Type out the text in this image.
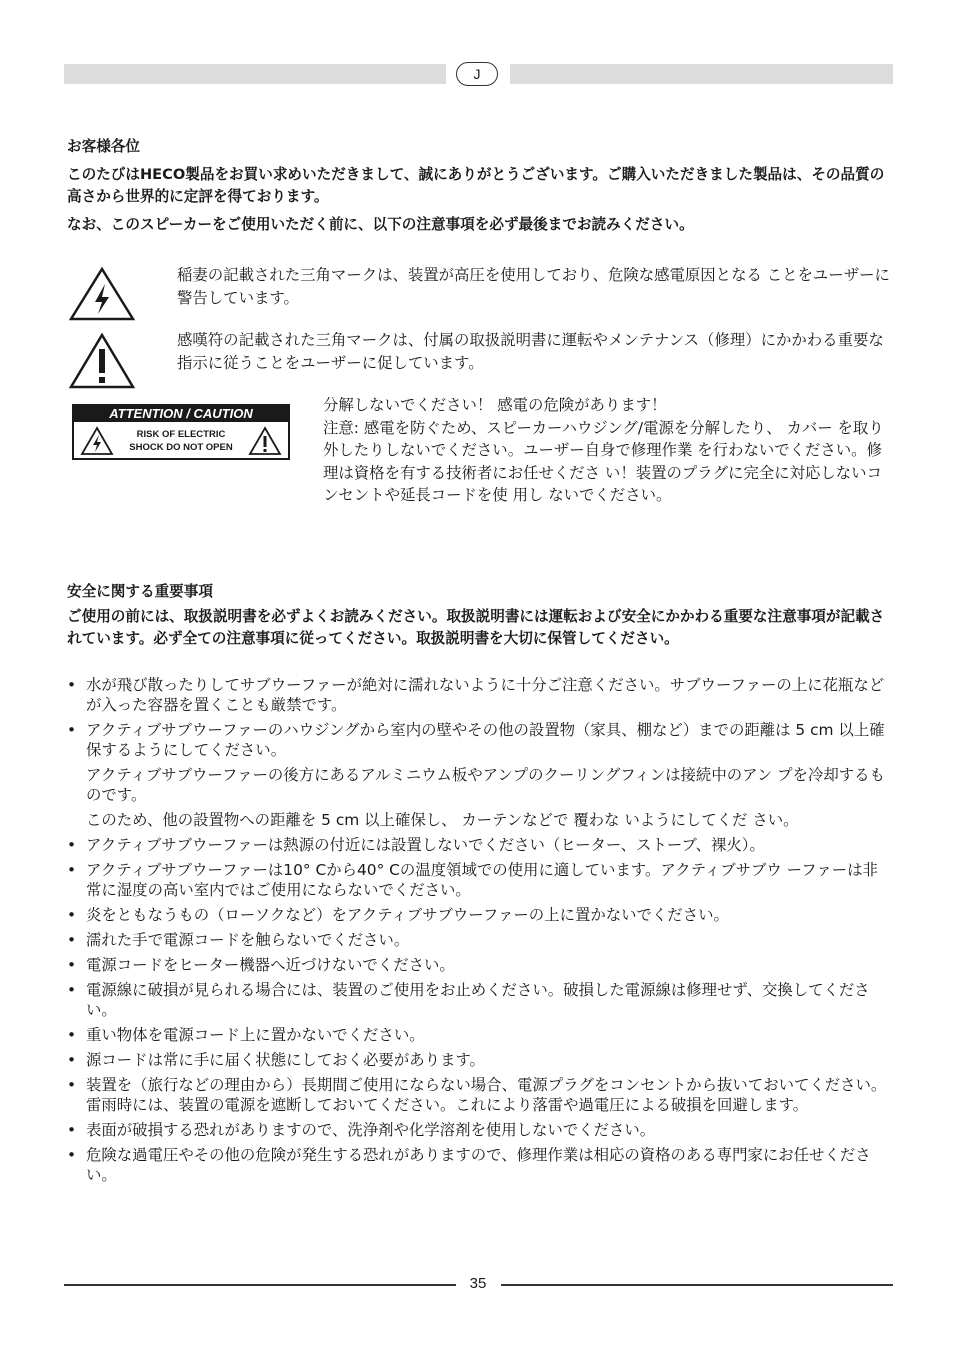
J

お客様各位

このたびはHECO製品をお買い求めいただきまして、誠にありがとうございます。ご購入いただきました製品は、その品質の高さから世界的に定評を得ております。

なお、このスピーカーをご使用いただく前に、以下の注意事項を必ず最後までお読みください。

稲妻の記載された三角マークは、装置が高圧を使用しており、危険な感電原因となる ことをユーザーに警告しています。

感嘆符の記載された三角マークは、付属の取扱説明書に運転やメンテナンス（修理）にかかわる重要な指示に従うことをユーザーに促しています。

ATTENTION / CAUTION
RISK OF ELECTRIC
SHOCK DO NOT OPEN
分解しないでください！ 感電の危険があります！
注意: 感電を防ぐため、スピーカーハウジング/電源を分解したり、 カバー を取り外したりしないでください。ユーザー自身で修理作業 を行わないでください。修理は資格を有する技術者にお任せくださ い！装置のプラグに完全に対応しないコンセントや延長コードを使 用し ないでください。

安全に関する重要事項

ご使用の前には、取扱説明書を必ずよくお読みください。取扱説明書には運転および安全にかかわる重要な注意事項が記載されています。必ず全ての注意事項に従ってください。取扱説明書を大切に保管してください。

• 水が飛び散ったりしてサブウーファーが絶対に濡れないように十分ご注意ください。サブウーファーの上に花瓶などが入った容器を置くことも厳禁です。
• アクティブサブウーファーのハウジングから室内の壁やその他の設置物（家具、棚など）までの距離は 5 cm 以上確保するようにしてください。
アクティブサブウーファーの後方にあるアルミニウム板やアンプのクーリングフィンは接続中のアン プを冷却するものです。
このため、他の設置物への距離を 5 cm 以上確保し、 カーテンなどで 覆わな いようにしてくだ さい。
• アクティブサブウーファーは熱源の付近には設置しないでください（ヒーター、ストーブ、裸火）。
• アクティブサブウーファーは10° Cから40° Cの温度領域での使用に適しています。アクティブサブウ ーファーは非常に湿度の高い室内ではご使用にならないでください。
• 炎をともなうもの（ローソクなど）をアクティブサブウーファーの上に置かないでください。
• 濡れた手で電源コードを触らないでください。
• 電源コードをヒーター機器へ近づけないでください。
• 電源線に破損が見られる場合には、装置のご使用をお止めください。破損した電源線は修理せず、交換してください。
• 重い物体を電源コード上に置かないでください。
• 源コードは常に手に届く状態にしておく必要があります。
• 装置を（旅行などの理由から）長期間ご使用にならない場合、電源プラグをコンセントから抜いておいてください。雷雨時には、装置の電源を遮断しておいてください。これにより落雷や過電圧による破損を回避します。
• 表面が破損する恐れがありますので、洗浄剤や化学溶剤を使用しないでください。
• 危険な過電圧やその他の危険が発生する恐れがありますので、修理作業は相応の資格のある専門家にお任せください。
35
